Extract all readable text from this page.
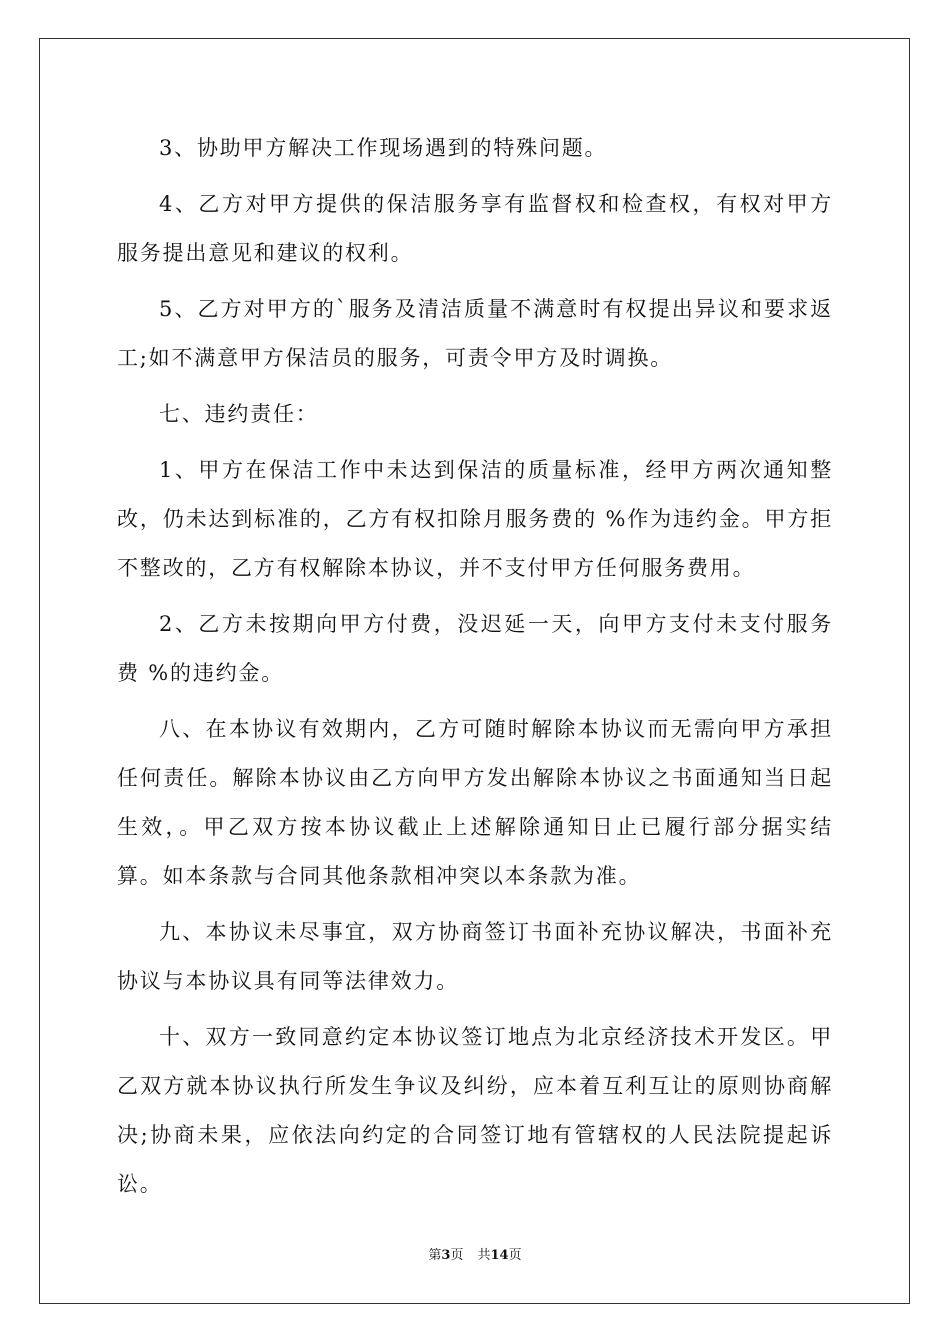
3、协助甲方解决工作现场遇到的特殊问题。

4、乙方对甲方提供的保洁服务享有监督权和检查权，有权对甲方服务提出意见和建议的权利。

5、乙方对甲方的`服务及清洁质量不满意时有权提出异议和要求返工;如不满意甲方保洁员的服务，可责令甲方及时调换。

七、违约责任：

1、甲方在保洁工作中未达到保洁的质量标准，经甲方两次通知整改，仍未达到标准的，乙方有权扣除月服务费的 %作为违约金。甲方拒不整改的，乙方有权解除本协议，并不支付甲方任何服务费用。

2、乙方未按期向甲方付费，没迟延一天，向甲方支付未支付服务费 %的违约金。

八、在本协议有效期内，乙方可随时解除本协议而无需向甲方承担任何责任。解除本协议由乙方向甲方发出解除本协议之书面通知当日起生效，。甲乙双方按本协议截止上述解除通知日止已履行部分据实结算。如本条款与合同其他条款相冲突以本条款为准。

九、本协议未尽事宜，双方协商签订书面补充协议解决，书面补充协议与本协议具有同等法律效力。

十、双方一致同意约定本协议签订地点为北京经济技术开发区。甲乙双方就本协议执行所发生争议及纠纷，应本着互利互让的原则协商解决;协商未果，应依法向约定的合同签订地有管辖权的人民法院提起诉讼。

第3页 共14页
